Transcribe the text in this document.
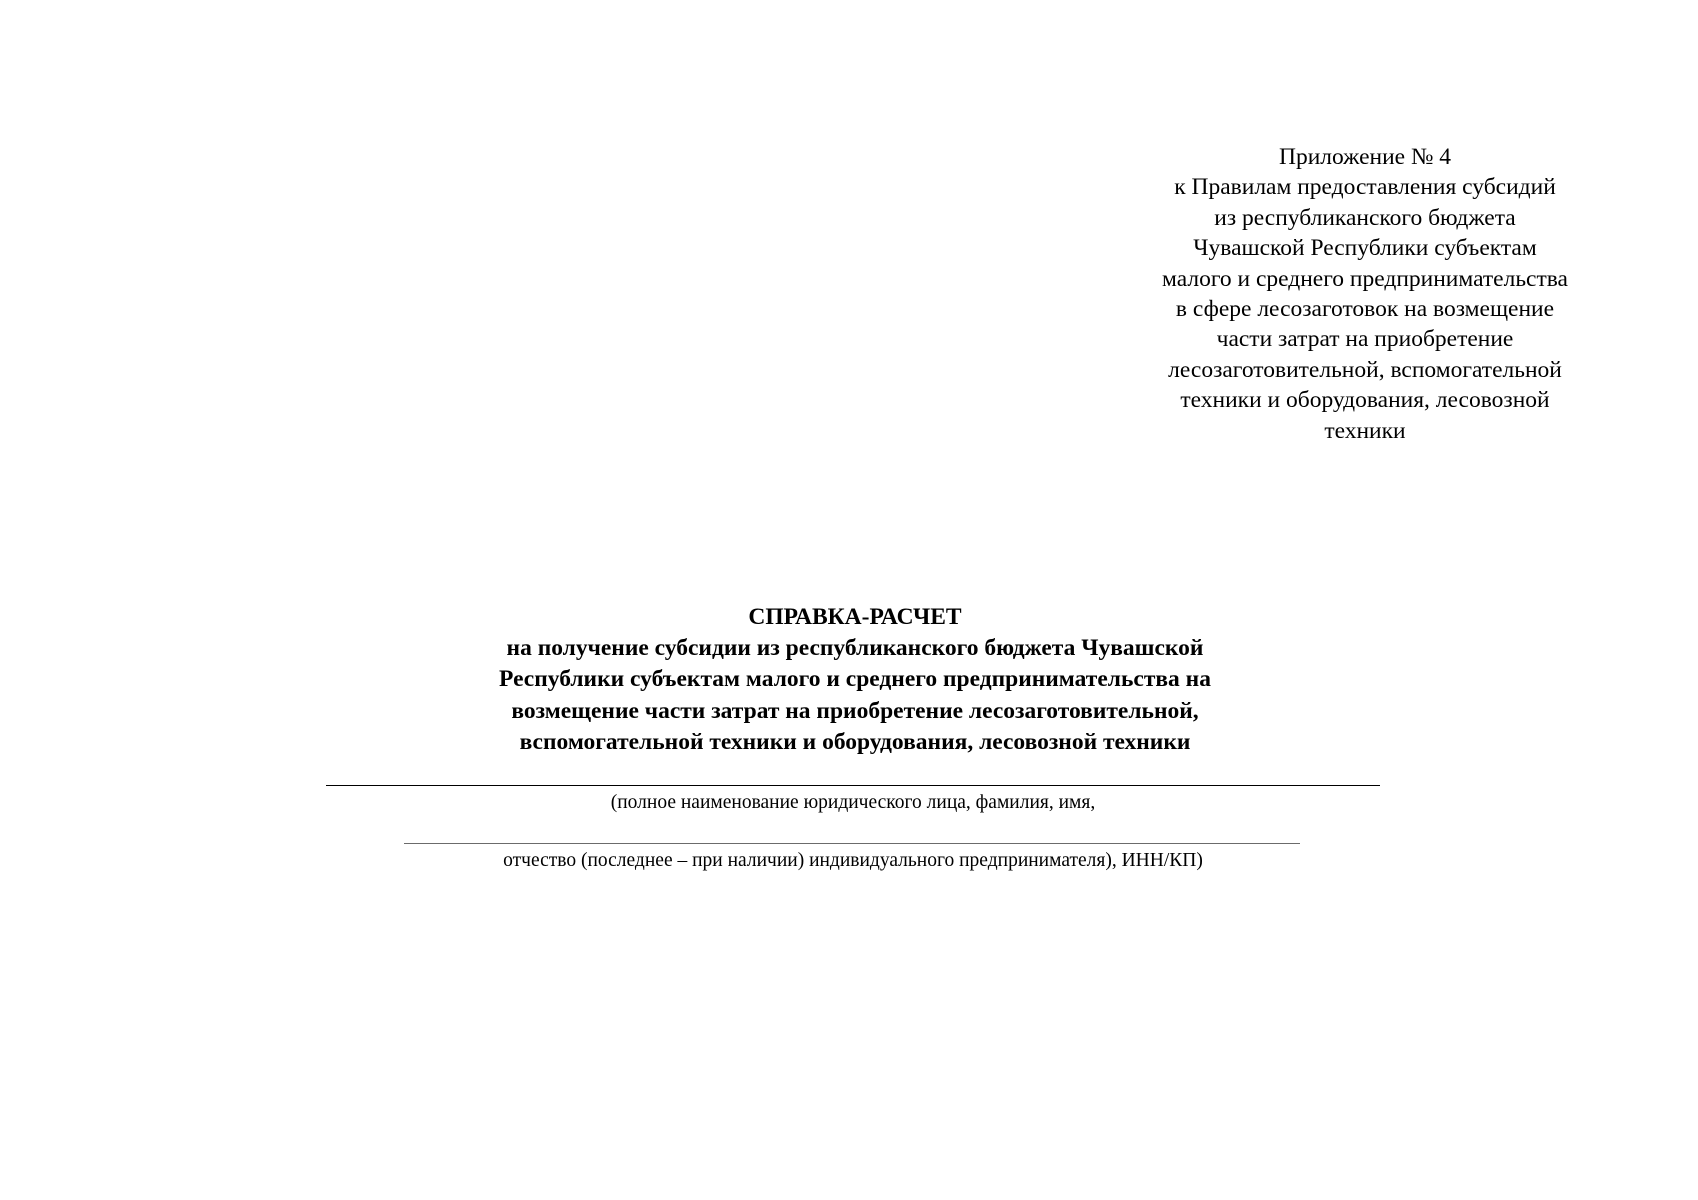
Приложение № 4
к Правилам предоставления субсидий
из республиканского бюджета
Чувашской Республики субъектам
малого и среднего предпринимательства
в сфере лесозаготовок на возмещение
части затрат на приобретение
лесозаготовительной, вспомогательной
техники и оборудования, лесовозной
техники
СПРАВКА-РАСЧЕТ
на получение субсидии из республиканского бюджета Чувашской
Республики субъектам малого и среднего предпринимательства на
возмещение части затрат на приобретение лесозаготовительной,
вспомогательной техники и оборудования, лесовозной техники
(полное наименование юридического лица, фамилия, имя,
отчество (последнее – при наличии) индивидуального предпринимателя), ИНН/КП)
